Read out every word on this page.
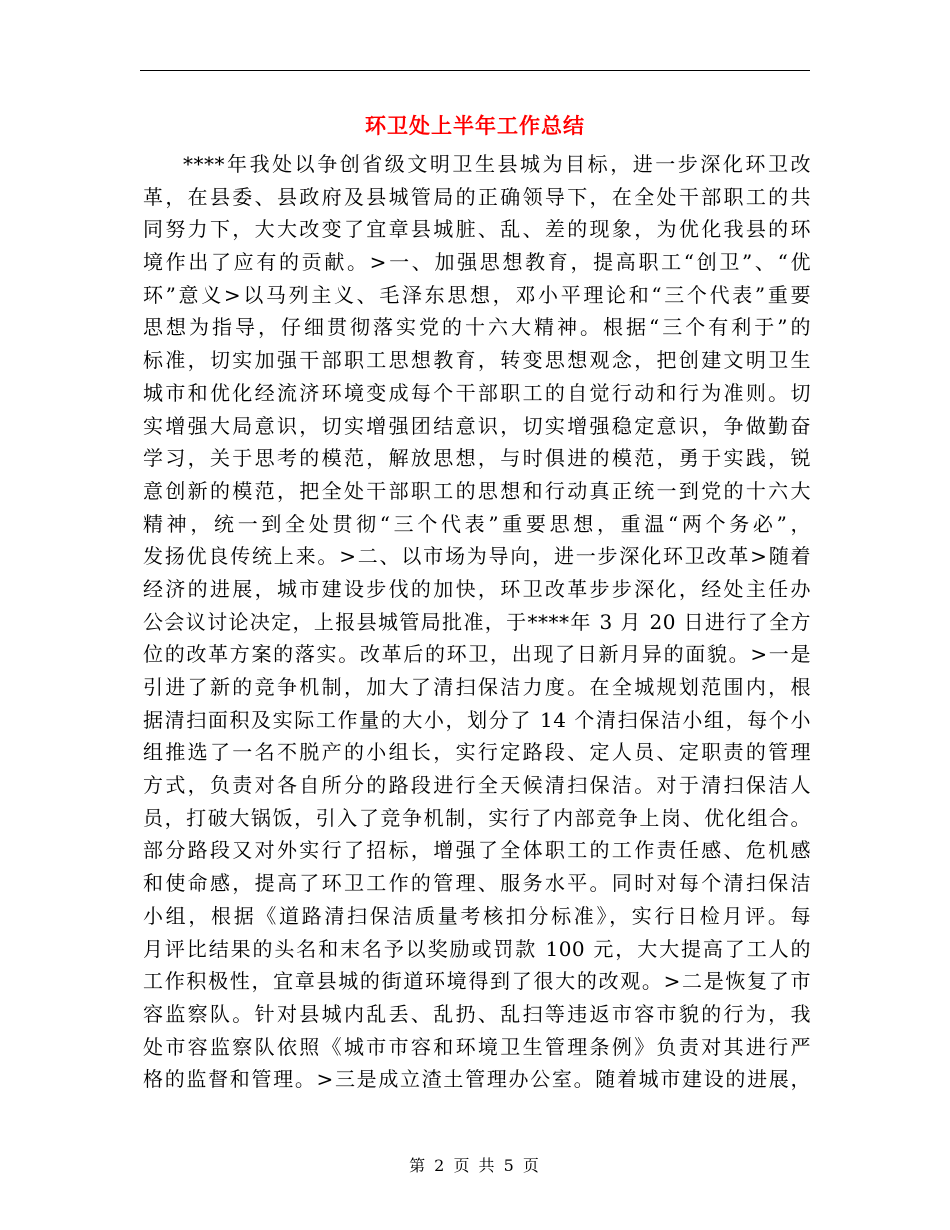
环卫处上半年工作总结
****年我处以争创省级文明卫生县城为目标，进一步深化环卫改
革，在县委、县政府及县城管局的正确领导下，在全处干部职工的共
同努力下，大大改变了宜章县城脏、乱、差的现象，为优化我县的环
境作出了应有的贡献。>一、加强思想教育，提高职工“创卫”、“优
环”意义>以马列主义、毛泽东思想，邓小平理论和“三个代表”重要
思想为指导，仔细贯彻落实党的十六大精神。根据“三个有利于”的
标准，切实加强干部职工思想教育，转变思想观念，把创建文明卫生
城市和优化经流济环境变成每个干部职工的自觉行动和行为准则。切
实增强大局意识，切实增强团结意识，切实增强稳定意识，争做勤奋
学习，关于思考的模范，解放思想，与时俱进的模范，勇于实践，锐
意创新的模范，把全处干部职工的思想和行动真正统一到党的十六大
精神，统一到全处贯彻“三个代表”重要思想，重温“两个务必”，
发扬优良传统上来。>二、以市场为导向，进一步深化环卫改革>随着
经济的进展，城市建设步伐的加快，环卫改革步步深化，经处主任办
公会议讨论决定，上报县城管局批准，于****年 3 月 20 日进行了全方
位的改革方案的落实。改革后的环卫，出现了日新月异的面貌。>一是
引进了新的竞争机制，加大了清扫保洁力度。在全城规划范围内，根
据清扫面积及实际工作量的大小，划分了 14 个清扫保洁小组，每个小
组推选了一名不脱产的小组长，实行定路段、定人员、定职责的管理
方式，负责对各自所分的路段进行全天候清扫保洁。对于清扫保洁人
员，打破大锅饭，引入了竞争机制，实行了内部竞争上岗、优化组合。
部分路段又对外实行了招标，增强了全体职工的工作责任感、危机感
和使命感，提高了环卫工作的管理、服务水平。同时对每个清扫保洁
小组，根据《道路清扫保洁质量考核扣分标准》，实行日检月评。每
月评比结果的头名和末名予以奖励或罚款 100 元，大大提高了工人的
工作积极性，宜章县城的街道环境得到了很大的改观。>二是恢复了市
容监察队。针对县城内乱丢、乱扔、乱扫等违返市容市貌的行为，我
处市容监察队依照《城市市容和环境卫生管理条例》负责对其进行严
格的监督和管理。>三是成立渣土管理办公室。随着城市建设的进展，
第 2 页 共 5 页
